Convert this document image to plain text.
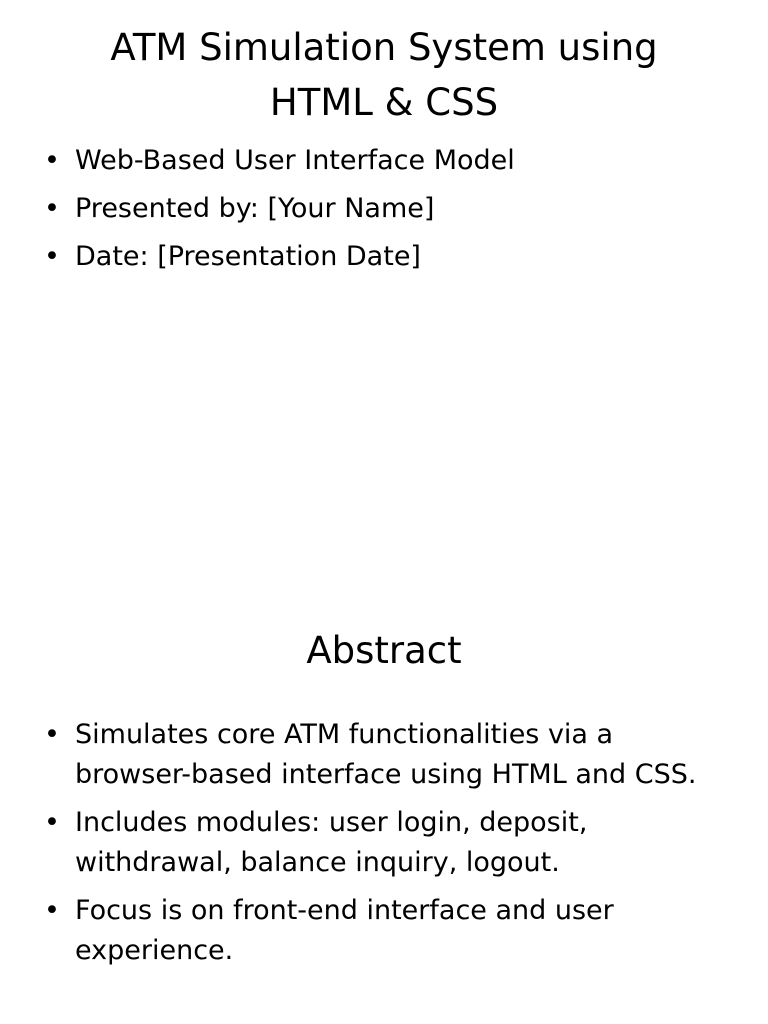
ATM Simulation System using HTML & CSS
• Web-Based User Interface Model
• Presented by: [Your Name]
• Date: [Presentation Date]
Abstract
• Simulates core ATM functionalities via a browser-based interface using HTML and CSS.
• Includes modules: user login, deposit, withdrawal, balance inquiry, logout.
• Focus is on front-end interface and user experience.
